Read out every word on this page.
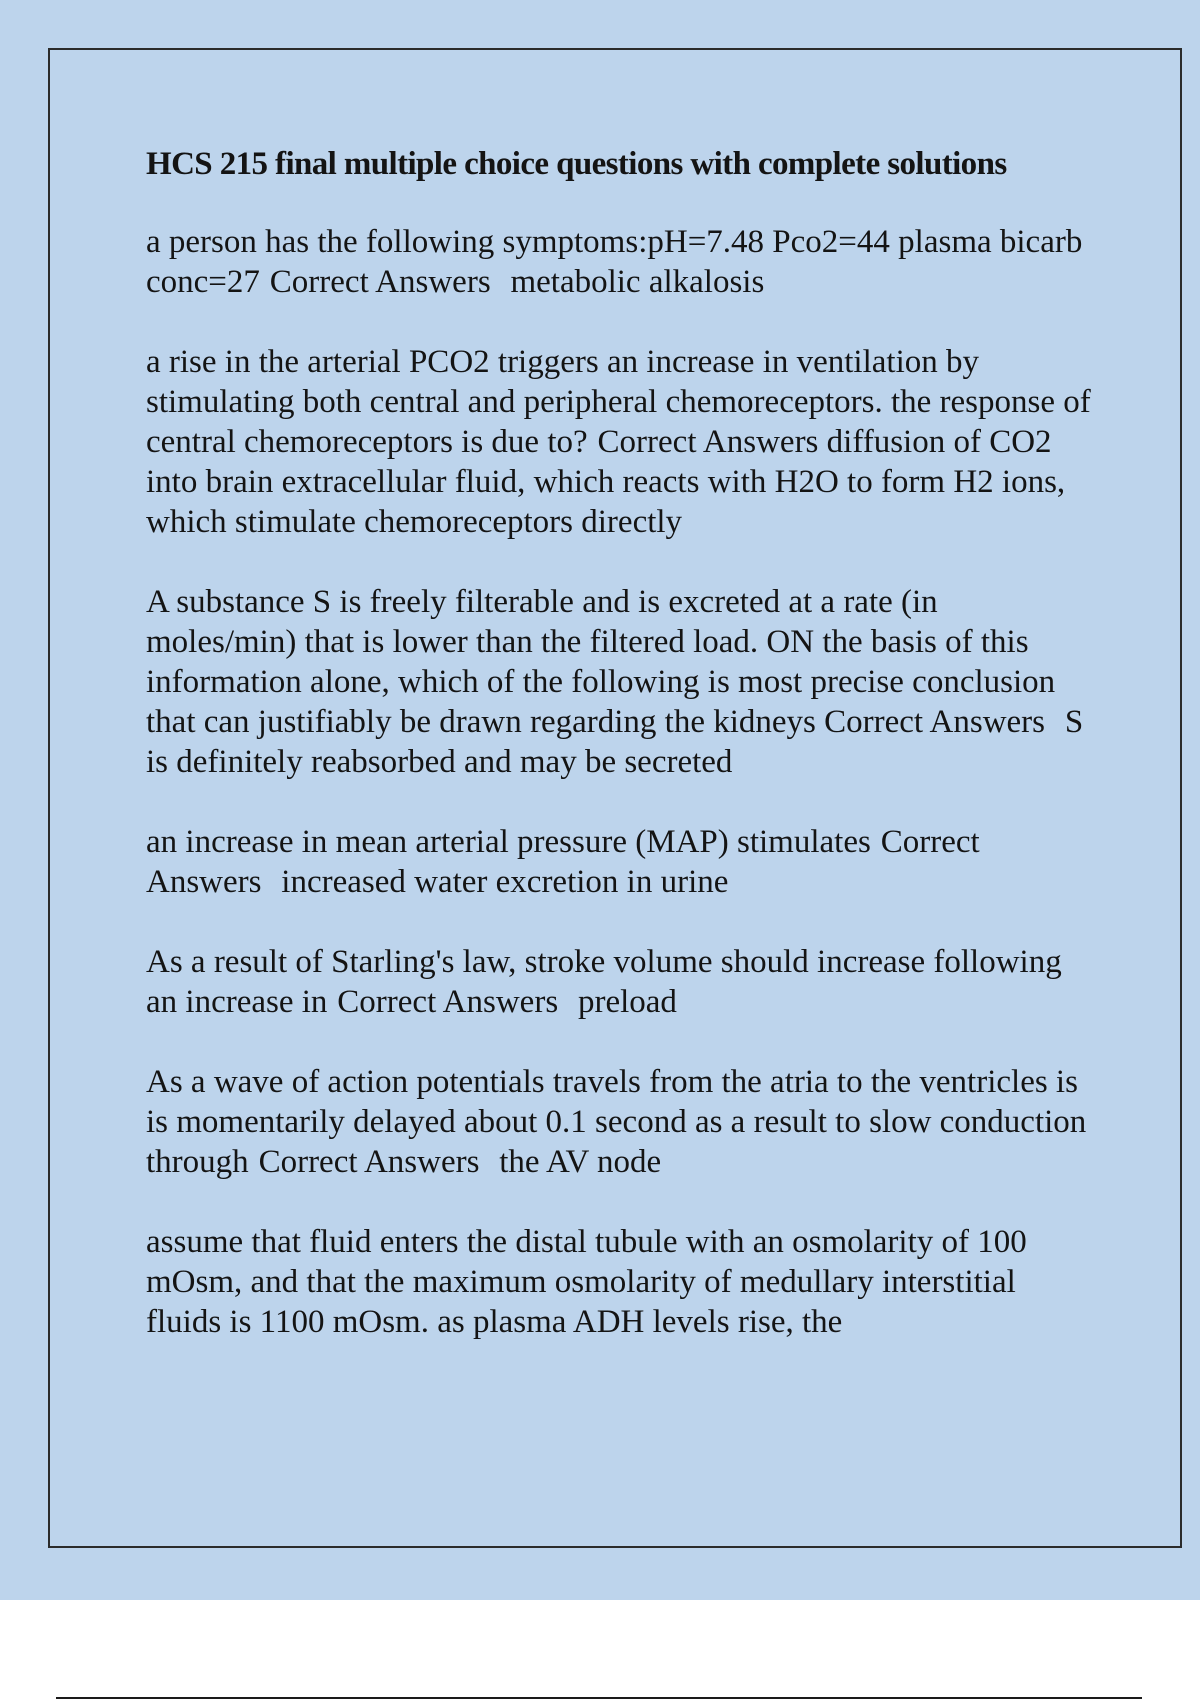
HCS 215 final multiple choice questions with complete solutions

a person has the following symptoms:pH=7.48 Pco2=44 plasma bicarb conc=27 Correct Answers metabolic alkalosis

a rise in the arterial PCO2 triggers an increase in ventilation by stimulating both central and peripheral chemoreceptors. the response of central chemoreceptors is due to? Correct Answers diffusion of CO2 into brain extracellular fluid, which reacts with H2O to form H2 ions, which stimulate chemoreceptors directly

A substance S is freely filterable and is excreted at a rate (in moles/min) that is lower than the filtered load. ON the basis of this information alone, which of the following is most precise conclusion that can justifiably be drawn regarding the kidneys Correct Answers S is definitely reabsorbed and may be secreted

an increase in mean arterial pressure (MAP) stimulates Correct Answers increased water excretion in urine

As a result of Starling's law, stroke volume should increase following an increase in Correct Answers preload

As a wave of action potentials travels from the atria to the ventricles is is momentarily delayed about 0.1 second as a result to slow conduction through Correct Answers the AV node

assume that fluid enters the distal tubule with an osmolarity of 100 mOsm, and that the maximum osmolarity of medullary interstitial fluids is 1100 mOsm. as plasma ADH levels rise, the
